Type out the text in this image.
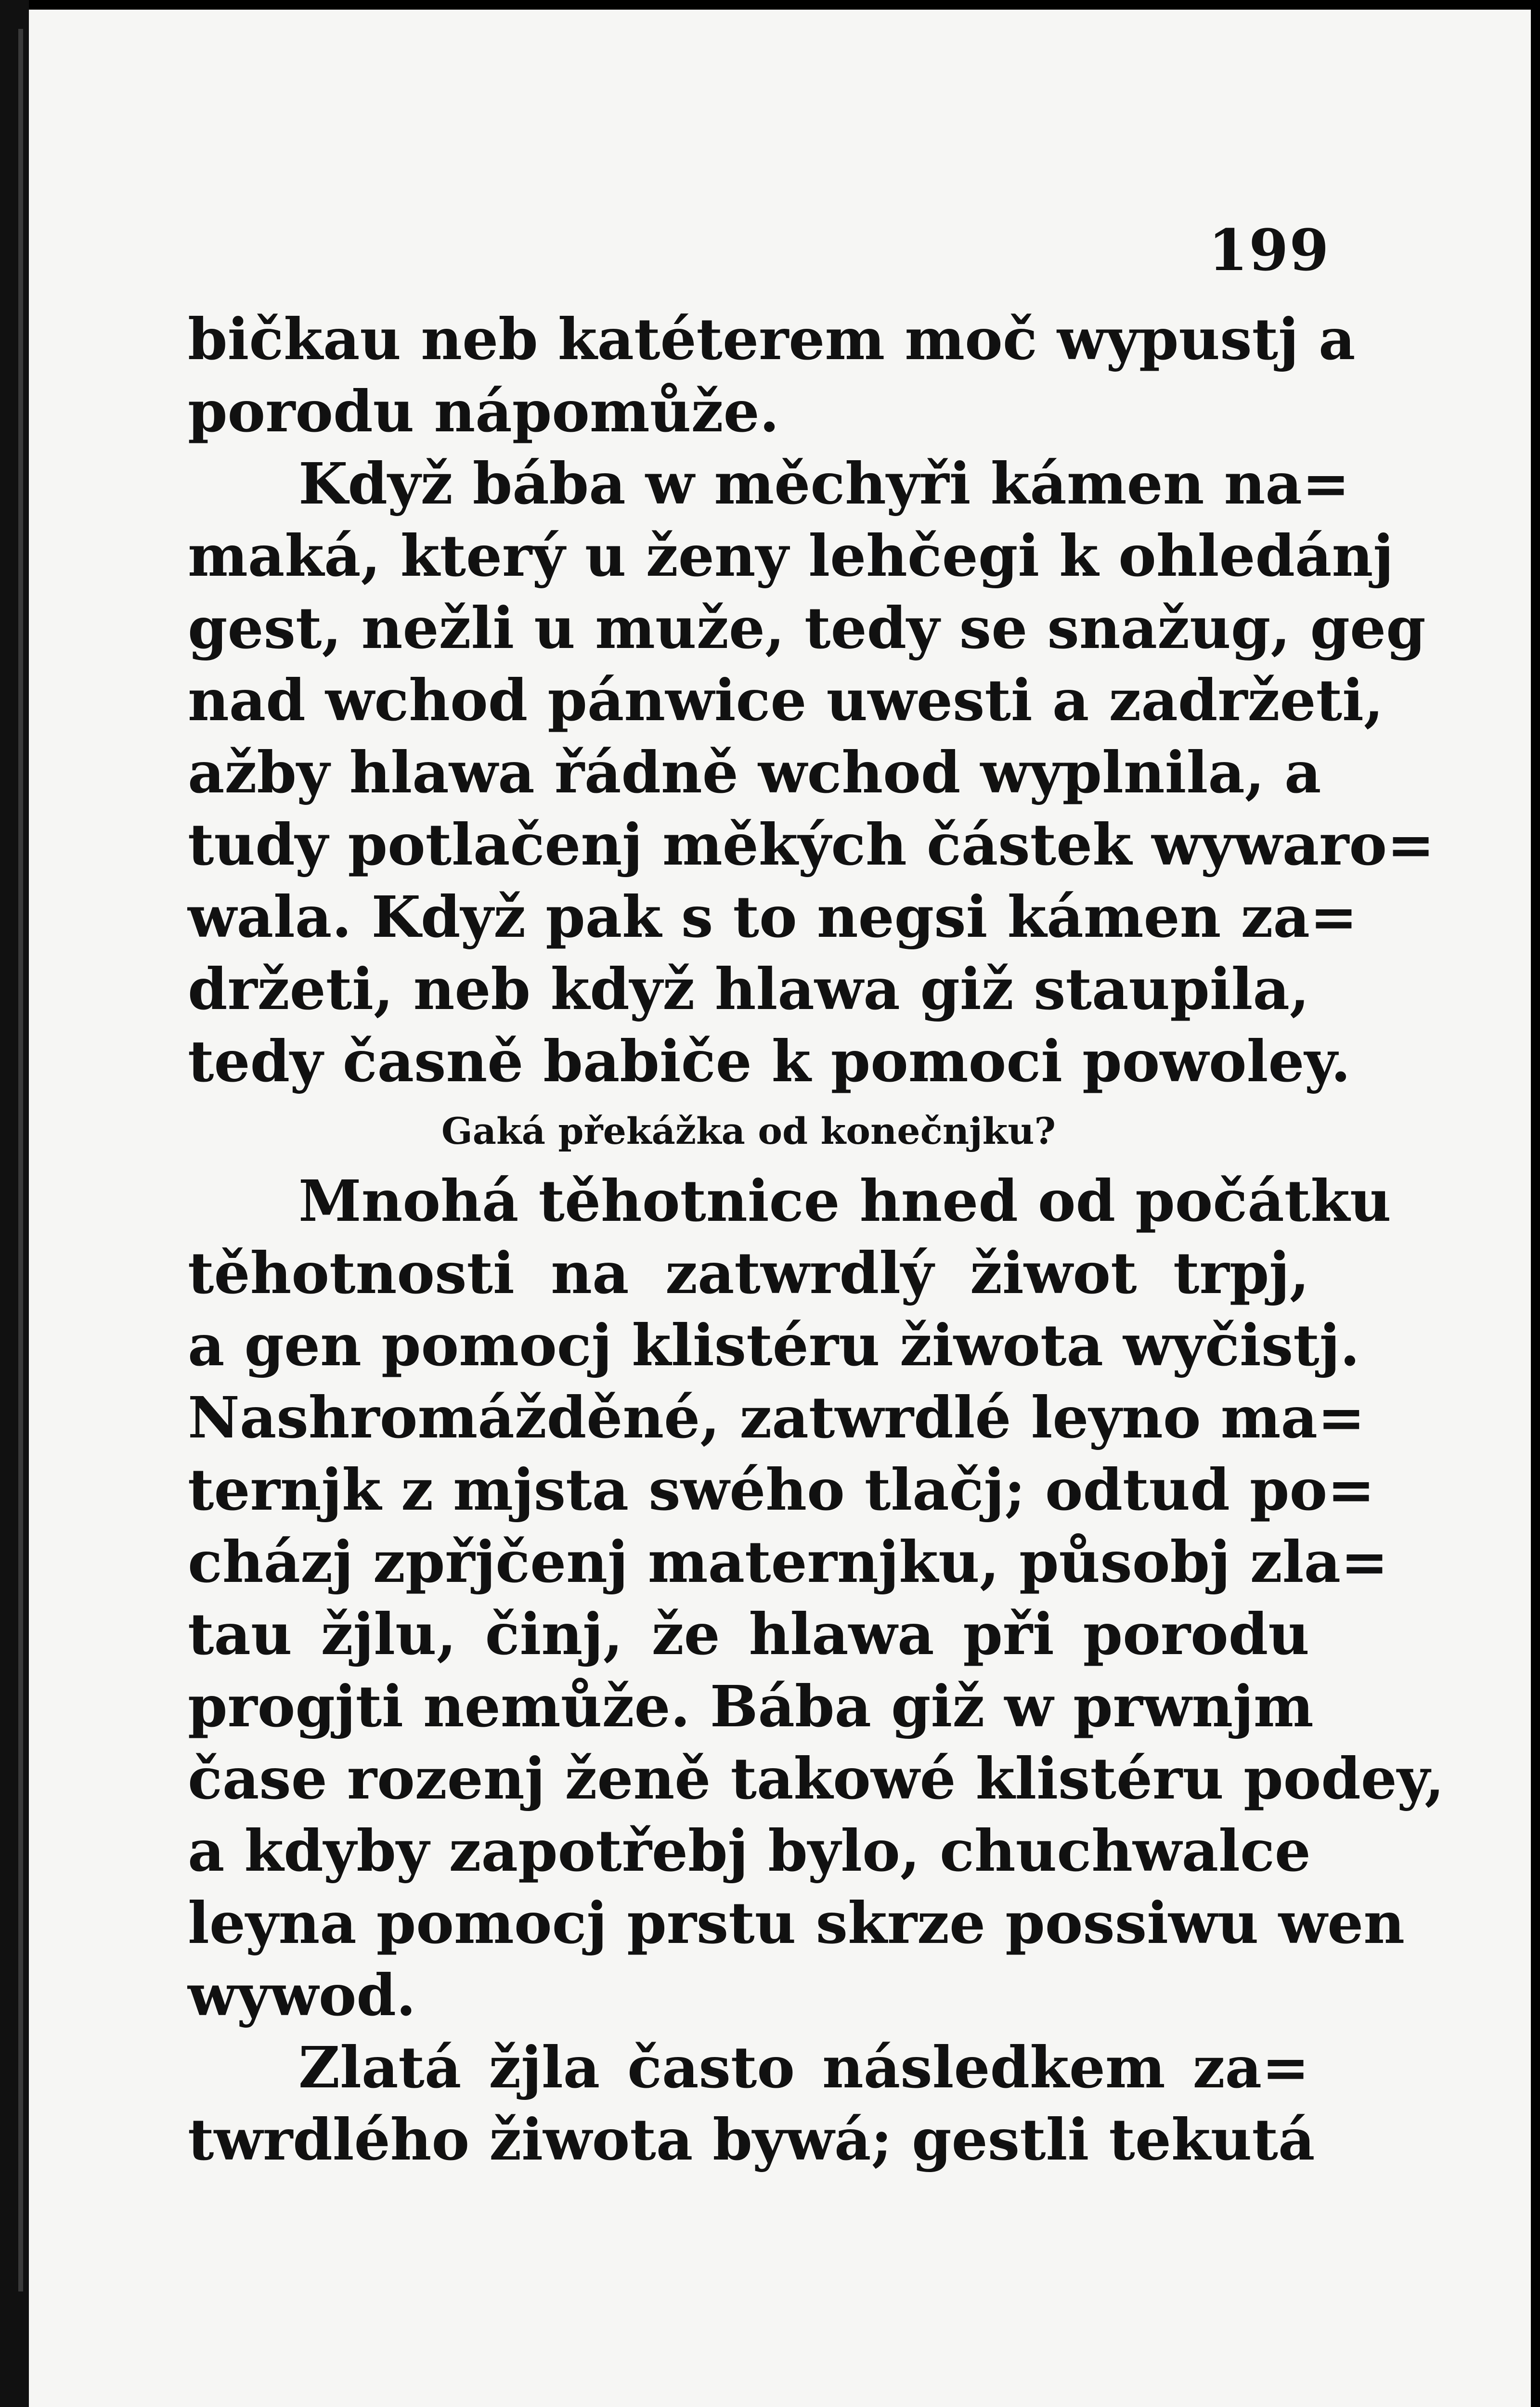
199
bičkau neb katéterem moč wypustj a
porodu nápomůže.
Když bába w měchyři kámen na=
maká, který u ženy lehčegi k ohledánj
gest, nežli u muže, tedy se snažug, geg
nad wchod pánwice uwesti a zadržeti,
ažby hlawa řádně wchod wyplnila, a
tudy potlačenj měkých částek wywaro=
wala. Když pak s to negsi kámen za=
držeti, neb když hlawa giž staupila,
tedy časně babiče k pomoci powoley.
Gaká překážka od konečnjku?
Mnohá těhotnice hned od počátku
těhotnosti na zatwrdlý žiwot trpj,
a gen pomocj klistéru žiwota wyčistj.
Nashromážděné, zatwrdlé leyno ma=
ternjk z mjsta swého tlačj; odtud po=
cházj zpřjčenj maternjku, působj zla=
tau žjlu, činj, že hlawa při porodu
progjti nemůže. Bába giž w prwnjm
čase rozenj ženě takowé klistéru podey,
a kdyby zapotřebj bylo, chuchwalce
leyna pomocj prstu skrze possiwu wen
wywod.
Zlatá žjla často následkem za=
twrdlého žiwota bywá; gestli tekutá
